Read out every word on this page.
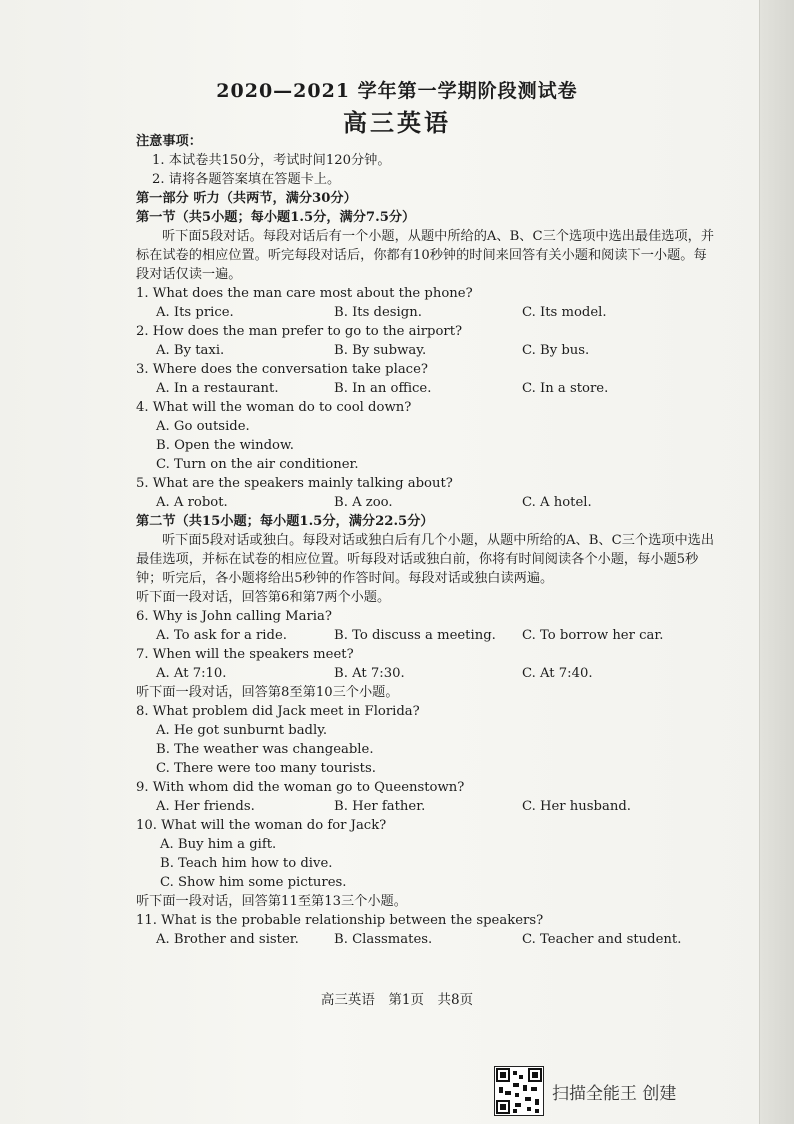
2020—2021 学年第一学期阶段测试卷
高三英语
注意事项：
1. 本试卷共150分，考试时间120分钟。
2. 请将各题答案填在答题卡上。
第一部分 听力（共两节，满分30分）
第一节（共5小题；每小题1.5分，满分7.5分）
听下面5段对话。每段对话后有一个小题，从题中所给的A、B、C三个选项中选出最佳选项，并标在试卷的相应位置。听完每段对话后，你都有10秒钟的时间来回答有关小题和阅读下一小题。每段对话仅读一遍。
1. What does the man care most about the phone?
A. Its price.	B. Its design.	C. Its model.
2. How does the man prefer to go to the airport?
A. By taxi.	B. By subway.	C. By bus.
3. Where does the conversation take place?
A. In a restaurant.	B. In an office.	C. In a store.
4. What will the woman do to cool down?
A. Go outside.
B. Open the window.
C. Turn on the air conditioner.
5. What are the speakers mainly talking about?
A. A robot.	B. A zoo.	C. A hotel.
第二节（共15小题；每小题1.5分，满分22.5分）
听下面5段对话或独白。每段对话或独白后有几个小题，从题中所给的A、B、C三个选项中选出最佳选项，并标在试卷的相应位置。听每段对话或独白前，你将有时间阅读各个小题，每小题5秒钟；听完后，各小题将给出5秒钟的作答时间。每段对话或独白读两遍。
听下面一段对话，回答第6和第7两个小题。
6. Why is John calling Maria?
A. To ask for a ride.	B. To discuss a meeting. C. To borrow her car.
7. When will the speakers meet?
A. At 7:10.	B. At 7:30.	C. At 7:40.
听下面一段对话，回答第8至第10三个小题。
8. What problem did Jack meet in Florida?
A. He got sunburnt badly.
B. The weather was changeable.
C. There were too many tourists.
9. With whom did the woman go to Queenstown?
A. Her friends.	B. Her father.	C. Her husband.
10. What will the woman do for Jack?
A. Buy him a gift.
B. Teach him how to dive.
C. Show him some pictures.
听下面一段对话，回答第11至第13三个小题。
11. What is the probable relationship between the speakers?
A. Brother and sister.	B. Classmates.	C. Teacher and student.
高三英语　第1页　共8页
扫描全能王 创建
